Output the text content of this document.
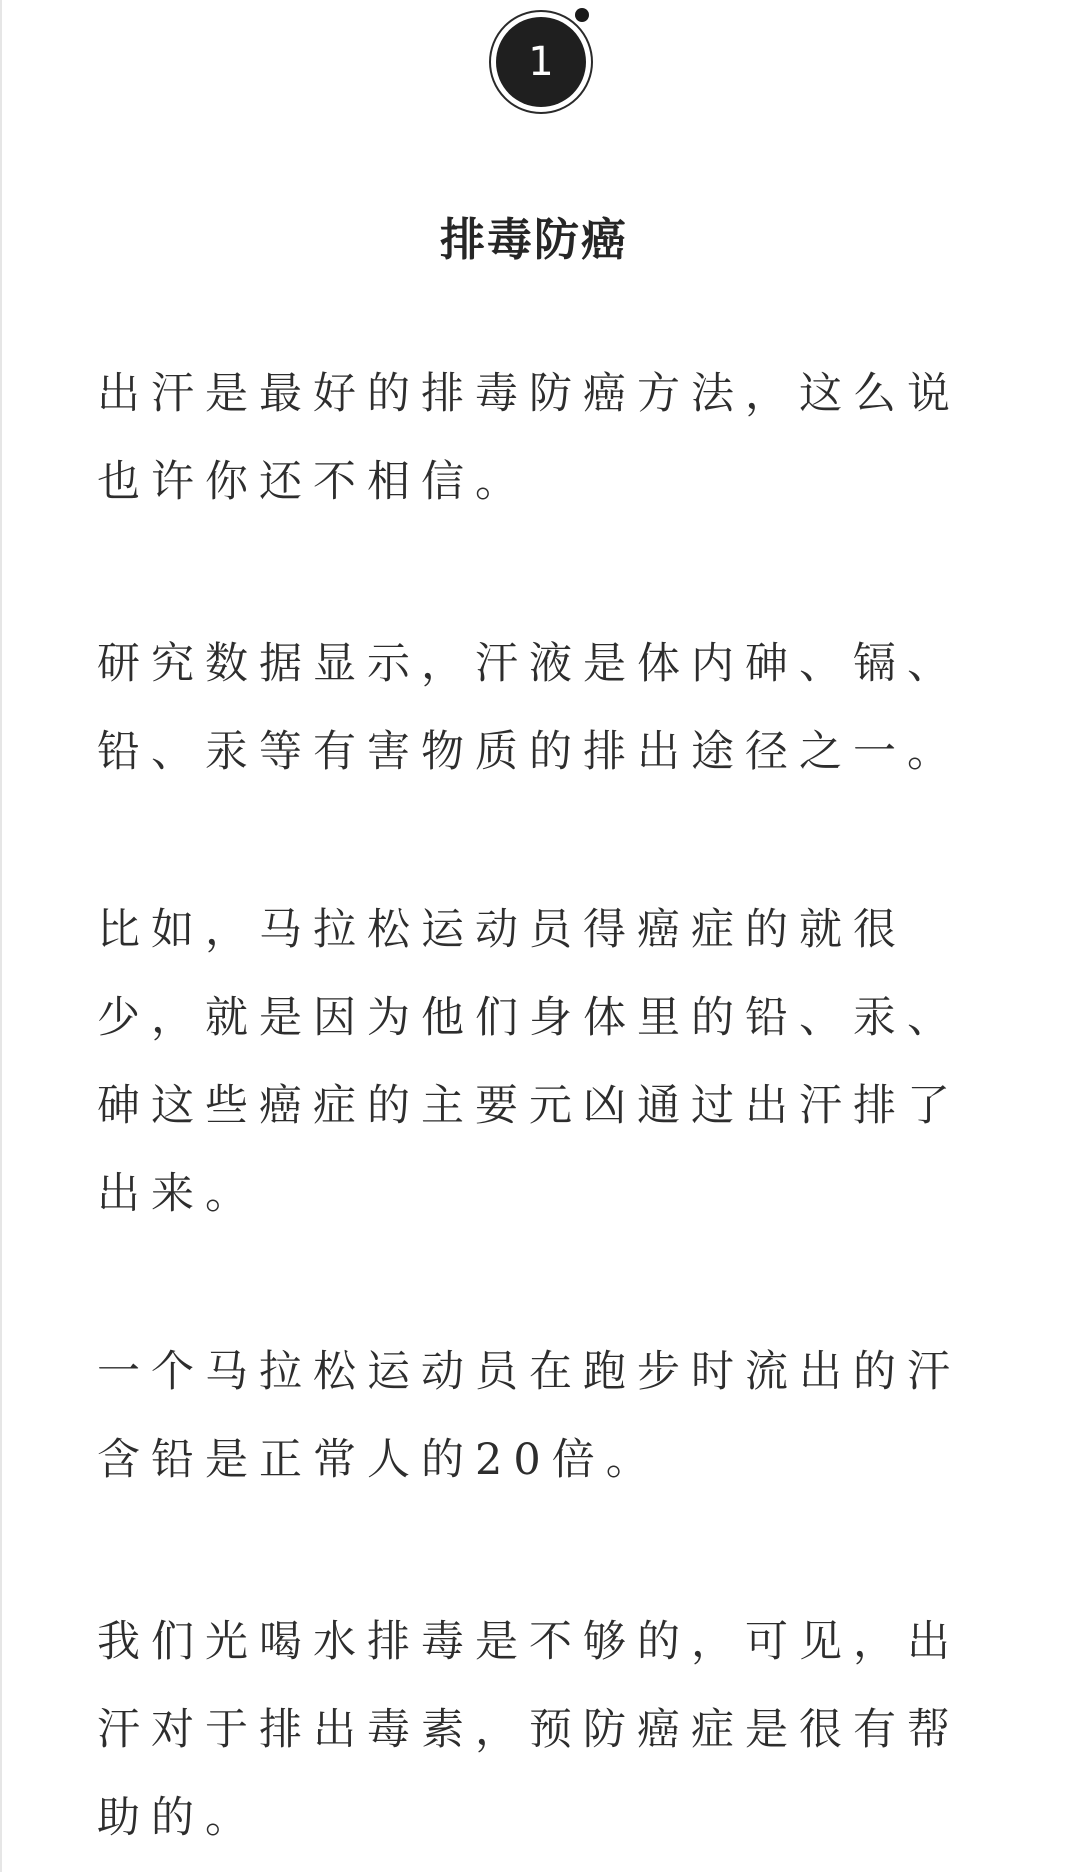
1
排毒防癌

出汗是最好的排毒防癌方法，这么说也许你还不相信。

研究数据显示，汗液是体内砷、镉、铅、汞等有害物质的排出途径之一。

比如，马拉松运动员得癌症的就很少，就是因为他们身体里的铅、汞、砷这些癌症的主要元凶通过出汗排了出来。

一个马拉松运动员在跑步时流出的汗含铅是正常人的20倍。

我们光喝水排毒是不够的，可见，出汗对于排出毒素，预防癌症是很有帮助的。
